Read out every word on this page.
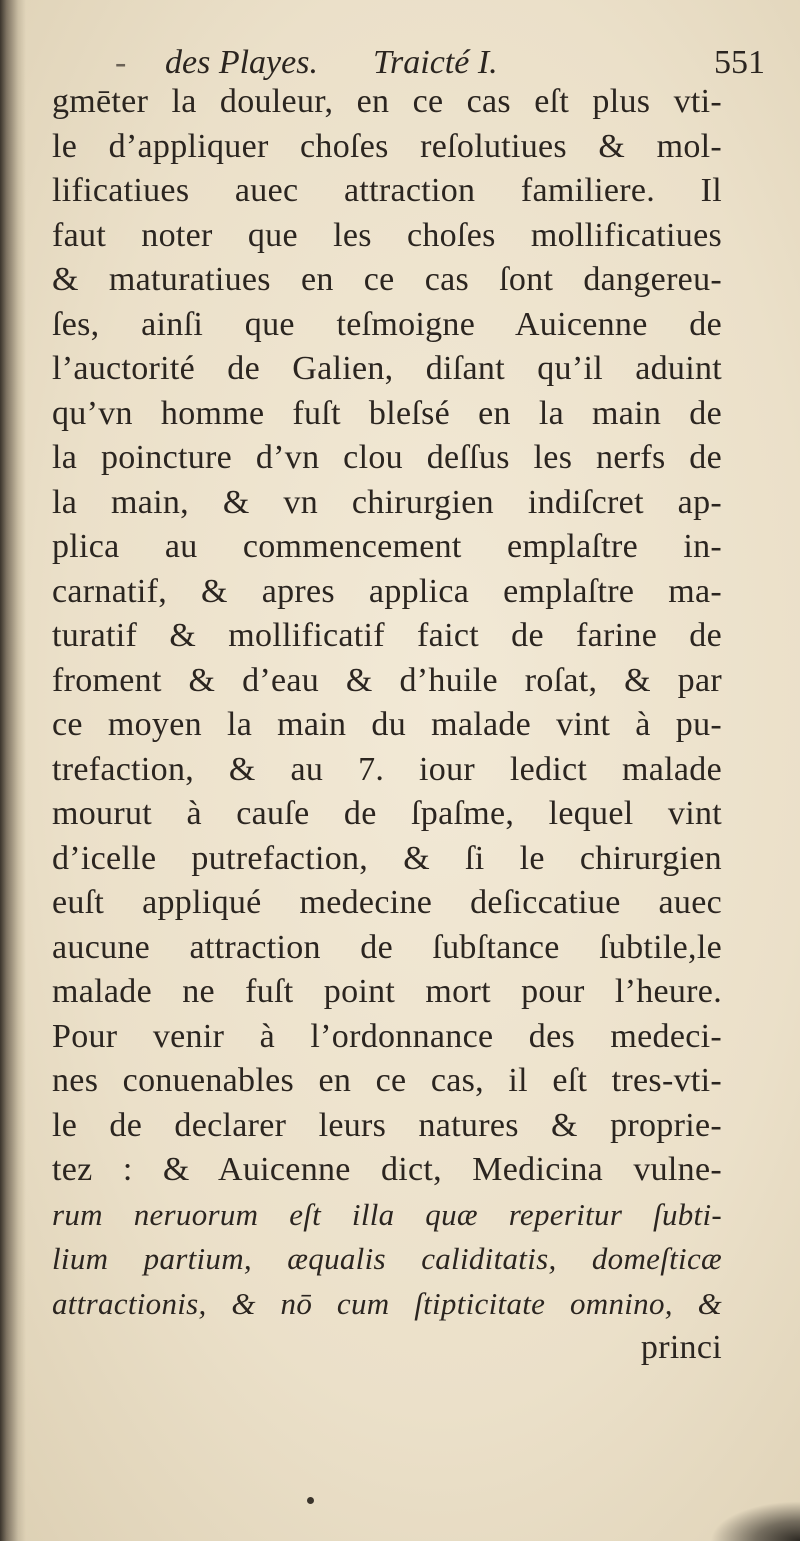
- des Playes. Traicté I.	551
gmēter la douleur, en ce cas eſt plus vti-
le d’appliquer choſes reſolutiues & mol-
lificatiues auec attraction familiere. Il
faut noter que les choſes mollificatiues
& maturatiues en ce cas ſont dangereu-
ſes, ainſi que teſmoigne Auicenne de
l’auctorité de Galien, diſant qu’il aduint
qu’vn homme fuſt bleſsé en la main de
la poincture d’vn clou deſſus les nerfs de
la main, & vn chirurgien indiſcret ap-
plica au commencement emplaſtre in-
carnatif, & apres applica emplaſtre ma-
turatif & mollificatif faict de farine de
froment & d’eau & d’huile roſat, & par
ce moyen la main du malade vint à pu-
trefaction, & au 7. iour ledict malade
mourut à cauſe de ſpaſme, lequel vint
d’icelle putrefaction, & ſi le chirurgien
euſt appliqué medecine deſiccatiue auec
aucune attraction de ſubſtance ſubtile,le
malade ne fuſt point mort pour l’heure.
Pour venir à l’ordonnance des medeci-
nes conuenables en ce cas, il eſt tres-vti-
le de declarer leurs natures & proprie-
tez : & Auicenne dict, Medicina vulne-
rum neruorum eſt illa quæ reperitur ſubti-
lium partium, æqualis caliditatis, domeſticæ
attractionis, & nō cum ſtipticitate omnino, &
princi
